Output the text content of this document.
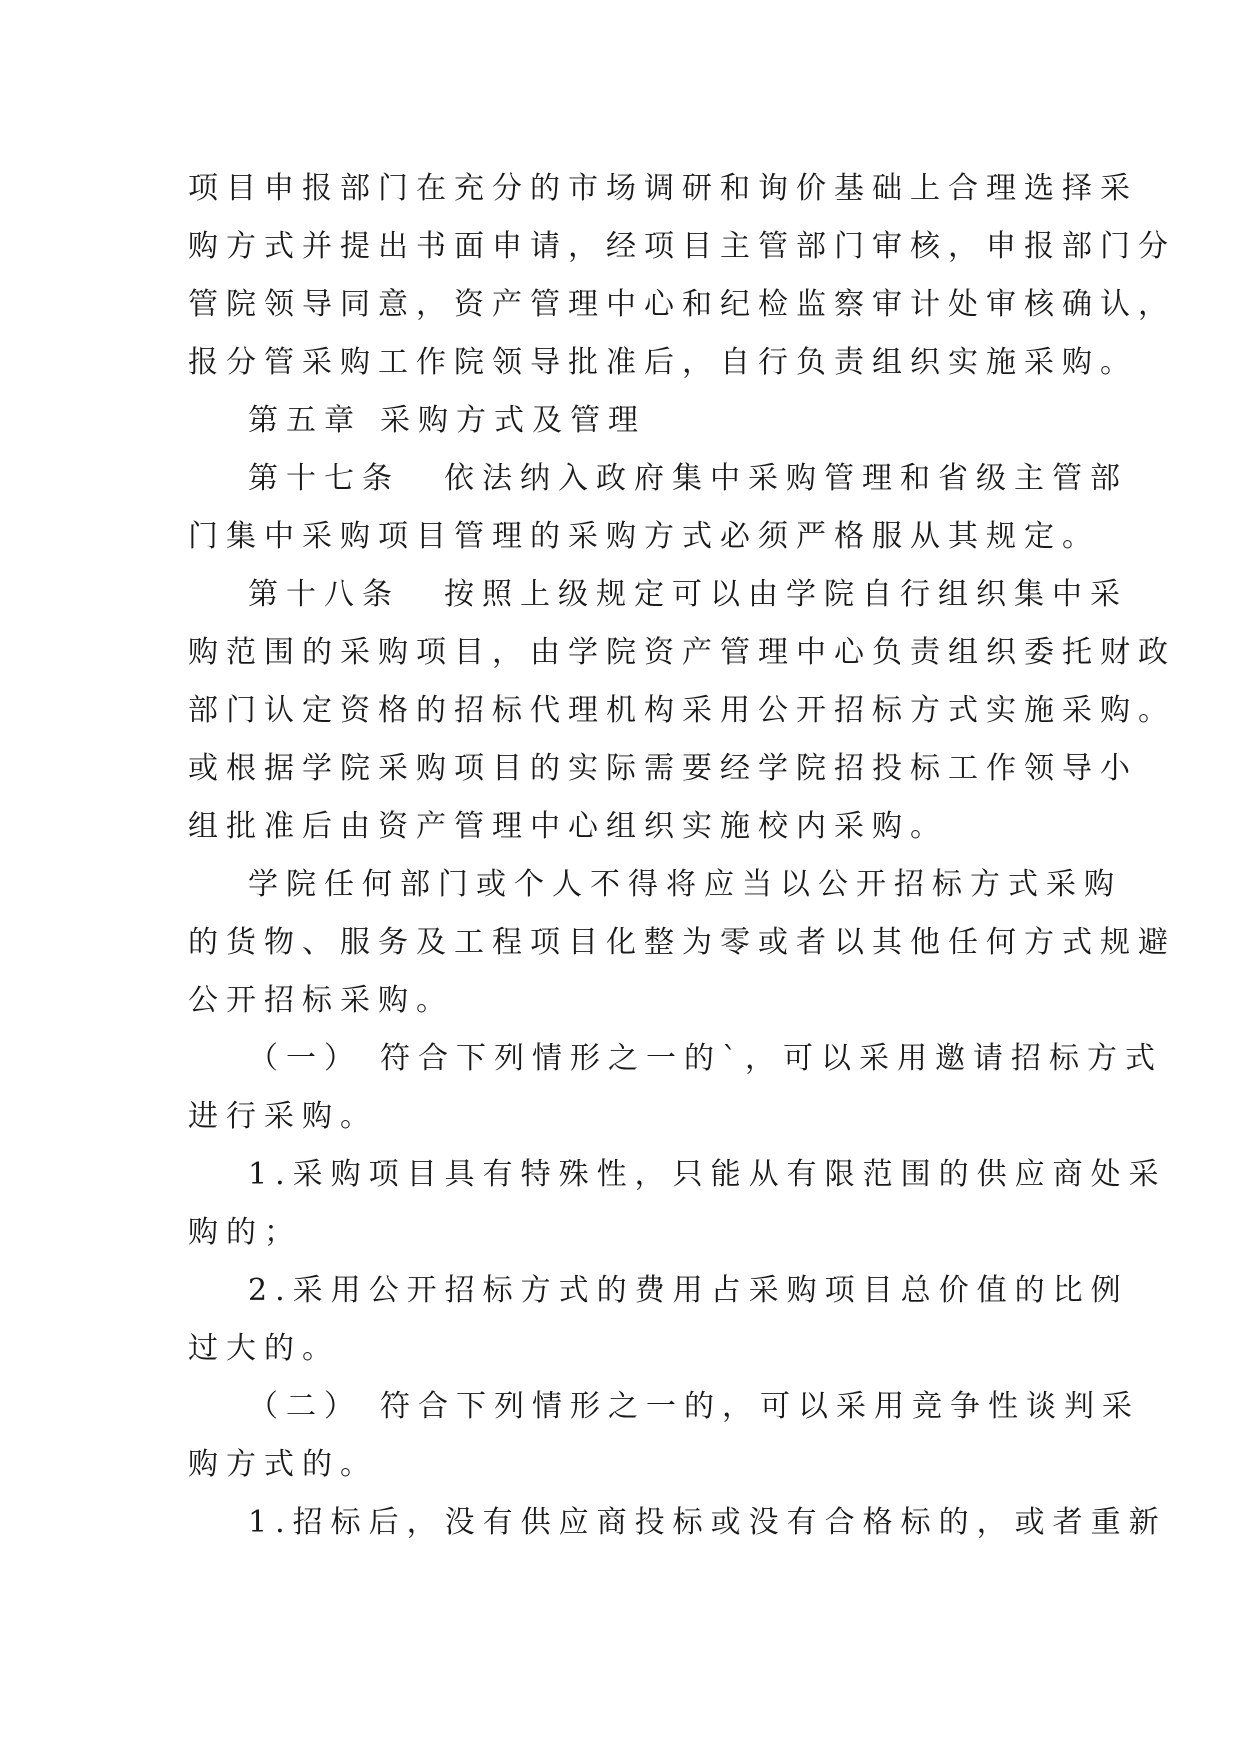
项目申报部门在充分的市场调研和询价基础上合理选择采
购方式并提出书面申请，经项目主管部门审核，申报部门分
管院领导同意，资产管理中心和纪检监察审计处审核确认，
报分管采购工作院领导批准后，自行负责组织实施采购。
第五章 采购方式及管理
第十七条 依法纳入政府集中采购管理和省级主管部
门集中采购项目管理的采购方式必须严格服从其规定。
第十八条 按照上级规定可以由学院自行组织集中采
购范围的采购项目，由学院资产管理中心负责组织委托财政
部门认定资格的招标代理机构采用公开招标方式实施采购。
或根据学院采购项目的实际需要经学院招投标工作领导小
组批准后由资产管理中心组织实施校内采购。
学院任何部门或个人不得将应当以公开招标方式采购
的货物、服务及工程项目化整为零或者以其他任何方式规避
公开招标采购。
（一） 符合下列情形之一的`，可以采用邀请招标方式
进行采购。
1.采购项目具有特殊性，只能从有限范围的供应商处采
购的；
2.采用公开招标方式的费用占采购项目总价值的比例
过大的。
（二） 符合下列情形之一的，可以采用竞争性谈判采
购方式的。
1.招标后，没有供应商投标或没有合格标的，或者重新
